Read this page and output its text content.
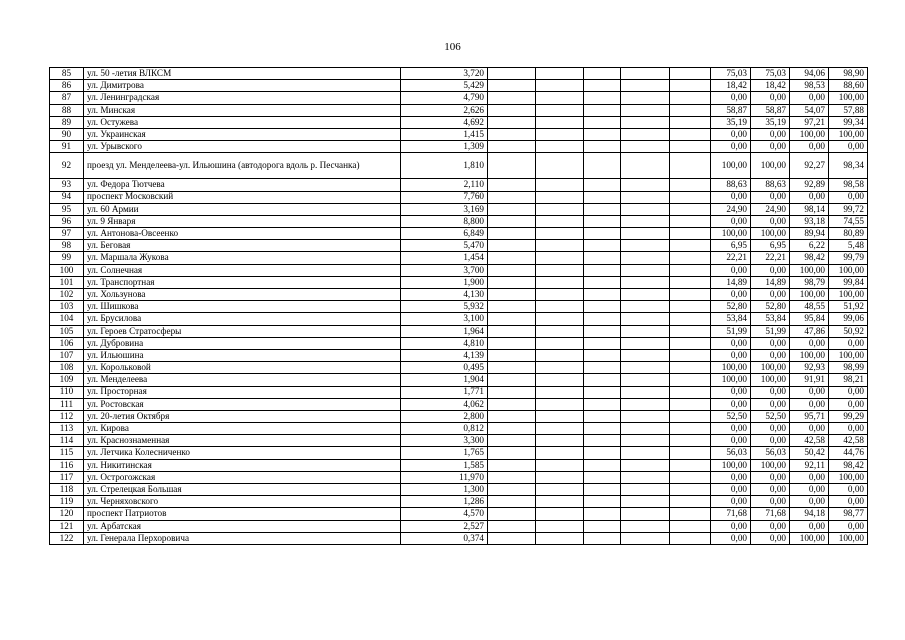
106
85	ул. 50 -летия ВЛКСМ	3,720						75,03	75,03	94,06	98,90
86	ул. Димитрова	5,429						18,42	18,42	98,53	88,60
87	ул. Ленинградская	4,790						0,00	0,00	0,00	100,00
88	ул. Минская	2,626						58,87	58,87	54,07	57,88
89	ул. Остужева	4,692						35,19	35,19	97,21	99,34
90	ул. Украинская	1,415						0,00	0,00	100,00	100,00
91	ул. Урывского	1,309						0,00	0,00	0,00	0,00
92	проезд ул. Менделеева-ул. Ильюшина (автодорога вдоль р. Песчанка)	1,810						100,00	100,00	92,27	98,34
93	ул. Федора Тютчева	2,110						88,63	88,63	92,89	98,58
94	проспект Московский	7,760						0,00	0,00	0,00	0,00
95	ул. 60 Армии	3,169						24,90	24,90	98,14	99,72
96	ул. 9 Января	8,800						0,00	0,00	93,18	74,55
97	ул. Антонова-Овсеенко	6,849						100,00	100,00	89,94	80,89
98	ул. Беговая	5,470						6,95	6,95	6,22	5,48
99	ул. Маршала Жукова	1,454						22,21	22,21	98,42	99,79
100	ул. Солнечная	3,700						0,00	0,00	100,00	100,00
101	ул. Транспортная	1,900						14,89	14,89	98,79	99,84
102	ул. Хользунова	4,130						0,00	0,00	100,00	100,00
103	ул. Шишкова	5,932						52,80	52,80	48,55	51,92
104	ул. Брусилова	3,100						53,84	53,84	95,84	99,06
105	ул. Героев Стратосферы	1,964						51,99	51,99	47,86	50,92
106	ул. Дубровина	4,810						0,00	0,00	0,00	0,00
107	ул. Ильюшина	4,139						0,00	0,00	100,00	100,00
108	ул. Корольковой	0,495						100,00	100,00	92,93	98,99
109	ул. Менделеева	1,904						100,00	100,00	91,91	98,21
110	ул. Просторная	1,771						0,00	0,00	0,00	0,00
111	ул. Ростовская	4,062						0,00	0,00	0,00	0,00
112	ул. 20-летия Октября	2,800						52,50	52,50	95,71	99,29
113	ул. Кирова	0,812						0,00	0,00	0,00	0,00
114	ул. Краснознаменная	3,300						0,00	0,00	42,58	42,58
115	ул. Летчика Колесниченко	1,765						56,03	56,03	50,42	44,76
116	ул. Никитинская	1,585						100,00	100,00	92,11	98,42
117	ул. Острогожская	11,970						0,00	0,00	0,00	100,00
118	ул. Стрелецкая Большая	1,300						0,00	0,00	0,00	0,00
119	ул. Черняховского	1,286						0,00	0,00	0,00	0,00
120	проспект Патриотов	4,570						71,68	71,68	94,18	98,77
121	ул. Арбатская	2,527						0,00	0,00	0,00	0,00
122	ул. Генерала Перхоровича	0,374						0,00	0,00	100,00	100,00
